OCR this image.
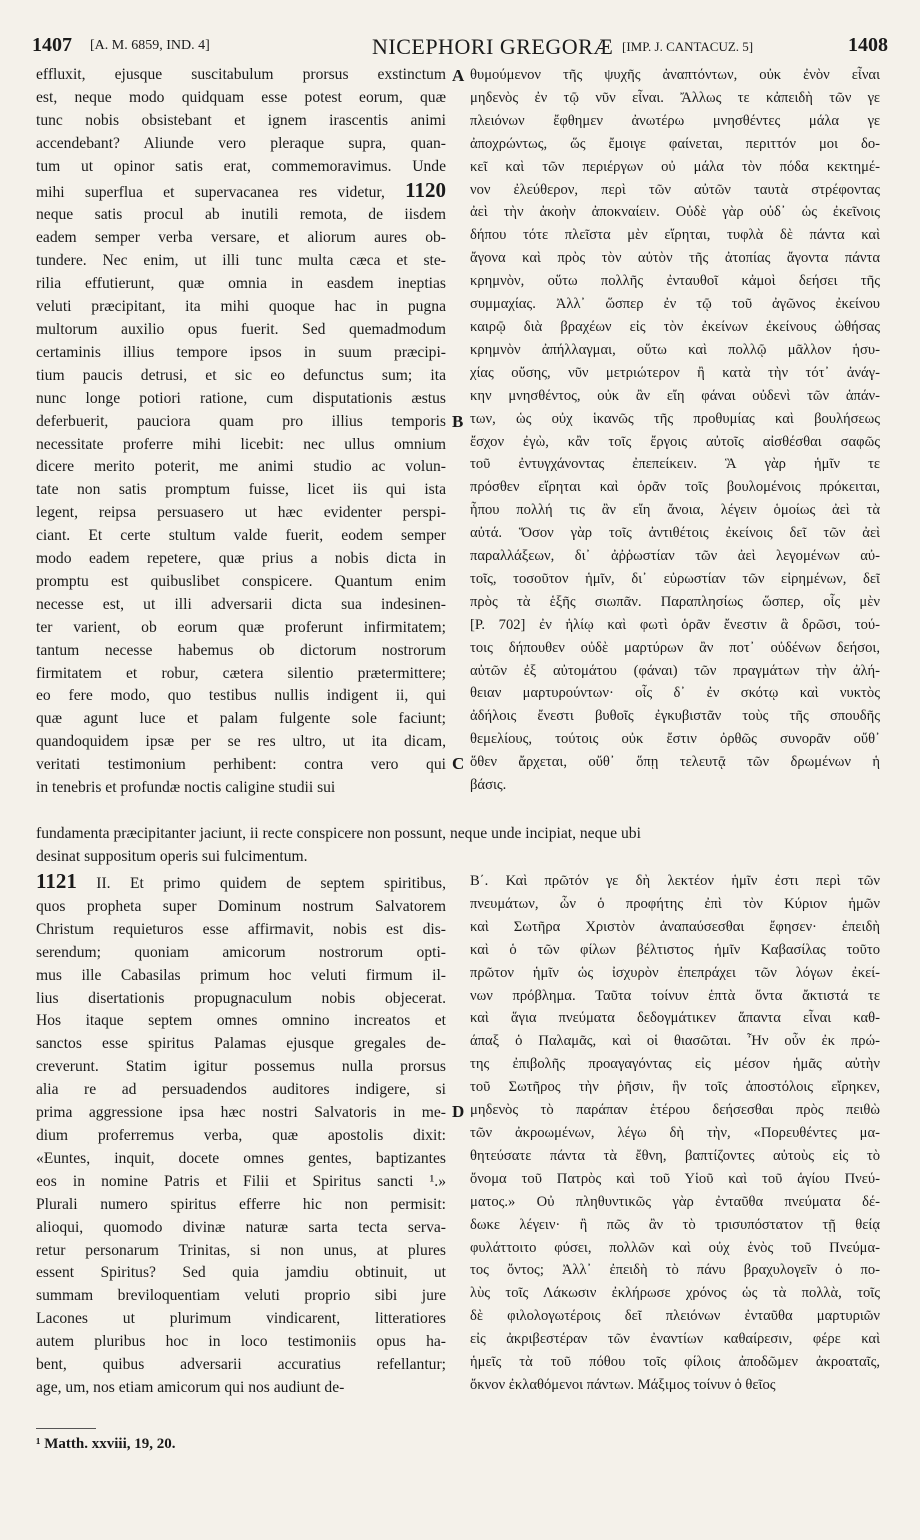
1407 [A. M. 6859, IND. 4]	NICEPHORI GREGORÆ [IMP. J. CANTACUZ. 5]	1408
effluxit, ejusque suscitabulum prorsus exstinctum
est, neque modo quidquam esse potest eorum, quæ
tunc nobis obsistebant et ignem irascentis animi
accendebant? Aliunde vero pleraque supra, quan-
tum ut opinor satis erat, commemoravimus. Unde
mihi superflua et supervacanea res videtur, 1120
neque satis procul ab inutili remota, de iisdem
eadem semper verba versare, et aliorum aures ob-
tundere. Nec enim, ut illi tunc multa cæca et ste-
rilia effutierunt, quæ omnia in easdem ineptias
veluti præcipitant, ita mihi quoque hac in pugna
multorum auxilio opus fuerit. Sed quemadmodum
certaminis illius tempore ipsos in suum præcipi-
tium paucis detrusi, et sic eo defunctus sum; ita
nunc longe potiori ratione, cum disputationis æstus
deferbuerit, pauciora quam pro illius temporis
necessitate proferre mihi licebit: nec ullus omnium
dicere merito poterit, me animi studio ac volun-
tate non satis promptum fuisse, licet iis qui ista
legent, reipsa persuasero ut hæc evidenter perspi-
ciant. Et certe stultum valde fuerit, eodem semper
modo eadem repetere, quæ prius a nobis dicta in
promptu est quibuslibet conspicere. Quantum enim
necesse est, ut illi adversarii dicta sua indesinen-
ter varient, ob eorum quæ proferunt infirmitatem;
tantum necesse habemus ob dictorum nostrorum
firmitatem et robur, cætera silentio prætermittere;
eo fere modo, quo testibus nullis indigent ii, qui
quæ agunt luce et palam fulgente sole faciunt;
quandoquidem ipsæ per se res ultro, ut ita dicam,
veritati testimonium perhibent: contra vero qui
in tenebris et profundæ noctis caligine studii sui
θυμούμενον τῆς ψυχῆς ἀναπτόντων, οὐκ ἐνὸν εἶναι
μηδενὸς ἐν τῷ νῦν εἶναι. Ἄλλως τε κἀπειδὴ τῶν γε
πλειόνων ἔφθημεν ἀνωτέρω μνησθέντες μάλα γε
ἀποχρώντως, ὥς ἔμοιγε φαίνεται, περιττόν μοι δο-
κεῖ καὶ τῶν περιέργων οὐ μάλα τὸν πόδα κεκτημέ-
νον ἐλεύθερον, περὶ τῶν αὐτῶν ταυτὰ στρέφοντας
ἀεὶ τὴν ἀκοὴν ἀποκναίειν. Οὐδὲ γὰρ οὐδ᾽ ὡς ἐκεῖνοις
δήπου τότε πλεῖστα μὲν εἴρηται, τυφλὰ δὲ πάντα καὶ
ἄγονα καὶ πρὸς τὸν αὐτὸν τῆς ἀτοπίας ἄγοντα πάντα
κρημνὸν, οὕτω πολλῆς ἐνταυθοῖ κἀμοὶ δεήσει τῆς
συμμαχίας. Ἀλλ᾽ ὥσπερ ἐν τῷ τοῦ ἀγῶνος ἐκείνου
καιρῷ διὰ βραχέων εἰς τὸν ἐκείνων ἐκείνους ὠθήσας
κρημνὸν ἀπήλλαγμαι, οὕτω καὶ πολλῷ μᾶλλον ἡσυ-
χίας οὔσης, νῦν μετριώτερον ἢ κατὰ τὴν τότ᾽ ἀνάγ-
κην μνησθέντος, οὐκ ἂν εἴη φάναι οὐδενὶ τῶν ἁπάν-
των, ὡς οὐχ ἱκανῶς τῆς προθυμίας καὶ βουλήσεως
ἔσχον ἐγὼ, κἂν τοῖς ἔργοις αὐτοῖς αἰσθέσθαι σαφῶς
τοῦ ἐντυγχάνοντας ἐπεπείκειν. Ἃ γὰρ ἡμῖν τε
πρόσθεν εἴρηται καὶ ὁρᾶν τοῖς βουλομένοις πρόκειται,
ἧπου πολλή τις ἂν εἴη ἄνοια, λέγειν ὁμοίως ἀεὶ τὰ
αὐτά. Ὅσον γὰρ τοῖς ἀντιθέτοις ἐκείνοις δεῖ τῶν ἀεὶ
παραλλάξεων, δι᾽ ἀῤῥωστίαν τῶν ἀεὶ λεγομένων αὐ-
τοῖς, τοσοῦτον ἡμῖν, δι᾽ εὐρωστίαν τῶν εἰρημένων, δεῖ
πρὸς τὰ ἑξῆς σιωπᾶν. Παραπλησίως ὥσπερ, οἷς μὲν
[P. 702] ἐν ἡλίῳ καὶ φωτὶ ὁρᾶν ἔνεστιν ἃ δρῶσι, τού-
τοις δήπουθεν οὐδὲ μαρτύρων ἂν ποτ᾽ οὐδένων δεήσοι,
αὐτῶν ἐξ αὐτομάτου (φάναι) τῶν πραγμάτων τὴν ἀλή-
θειαν μαρτυρούντων· οἷς δ᾽ ἐν σκότῳ καὶ νυκτὸς
ἀδήλοις ἔνεστι βυθοῖς ἐγκυβιστᾶν τοὺς τῆς σπουδῆς
θεμελίους, τούτοις οὐκ ἔστιν ὀρθῶς συνορᾶν οὔθ᾽
ὅθεν ἄρχεται, οὔθ᾽ ὅπῃ τελευτᾷ τῶν δρωμένων ἡ
βάσις.
A
B
C
D
fundamenta præcipitanter jaciunt, ii recte conspicere non possunt, neque unde incipiat, neque ubi
desinat suppositum operis sui fulcimentum.
1121 II. Et primo quidem de septem spiritibus,
quos propheta super Dominum nostrum Salvatorem
Christum requieturos esse affirmavit, nobis est dis-
serendum; quoniam amicorum nostrorum opti-
mus ille Cabasilas primum hoc veluti firmum il-
lius disertationis propugnaculum nobis objecerat.
Hos itaque septem omnes omnino increatos et
sanctos esse spiritus Palamas ejusque gregales de-
creverunt. Statim igitur possemus nulla prorsus
alia re ad persuadendos auditores indigere, si
prima aggressione ipsa hæc nostri Salvatoris in me-
dium proferremus verba, quæ apostolis dixit:
«Euntes, inquit, docete omnes gentes, baptizantes
eos in nomine Patris et Filii et Spiritus sancti ¹.»
Plurali numero spiritus efferre hic non permisit:
alioqui, quomodo divinæ naturæ sarta tecta serva-
retur personarum Trinitas, si non unus, at plures
essent Spiritus? Sed quia jamdiu obtinuit, ut
summam breviloquentiam veluti proprio sibi jure
Lacones ut plurimum vindicarent, litteratiores
autem pluribus hoc in loco testimoniis opus ha-
bent, quibus adversarii accuratius refellantur;
age, um, nos etiam amicorum qui nos audiunt de-
Β΄. Καὶ πρῶτόν γε δὴ λεκτέον ἡμῖν ἐστι περὶ τῶν
πνευμάτων, ὧν ὁ προφήτης ἐπὶ τὸν Κύριον ἡμῶν
καὶ Σωτῆρα Χριστὸν ἀναπαύσεσθαι ἔφησεν· ἐπειδὴ
καὶ ὁ τῶν φίλων βέλτιστος ἡμῖν Καβασίλας τοῦτο
πρῶτον ἡμῖν ὡς ἰσχυρὸν ἐπεπράχει τῶν λόγων ἐκεί-
νων πρόβλημα. Ταῦτα τοίνυν ἑπτὰ ὄντα ἄκτιστά τε
καὶ ἅγια πνεύματα δεδογμάτικεν ἅπαντα εἶναι καθ-
άπαξ ὁ Παλαμᾶς, καὶ οἱ θιασῶται. Ἦν οὖν ἐκ πρώ-
της ἐπιβολῆς προαγαγόντας εἰς μέσον ἡμᾶς αὐτὴν
τοῦ Σωτῆρος τὴν ῥῆσιν, ἣν τοῖς ἀποστόλοις εἴρηκεν,
μηδενὸς τὸ παράπαν ἑτέρου δεήσεσθαι πρὸς πειθὼ
τῶν ἀκροωμένων, λέγω δὴ τὴν, «Πορευθέντες μα-
θητεύσατε πάντα τὰ ἔθνη, βαπτίζοντες αὐτοὺς εἰς τὸ
ὄνομα τοῦ Πατρὸς καὶ τοῦ Υἱοῦ καὶ τοῦ ἁγίου Πνεύ-
ματος.» Οὐ πληθυντικῶς γὰρ ἐνταῦθα πνεύματα δέ-
δωκε λέγειν· ἢ πῶς ἂν τὸ τρισυπόστατον τῇ θείᾳ
φυλάττοιτο φύσει, πολλῶν καὶ οὐχ ἑνὸς τοῦ Πνεύμα-
τος ὄντος; Ἀλλ᾽ ἐπειδὴ τὸ πάνυ βραχυλογεῖν ὁ πο-
λὺς τοῖς Λάκωσιν ἐκλήρωσε χρόνος ὡς τὰ πολλὰ, τοῖς
δὲ φιλολογωτέροις δεῖ πλειόνων ἐνταῦθα μαρτυριῶν
εἰς ἀκριβεστέραν τῶν ἐναντίων καθαίρεσιν, φέρε καὶ
ἡμεῖς τὰ τοῦ πόθου τοῖς φίλοις ἀποδῶμεν ἀκροαταῖς,
ὄκνον ἐκλαθόμενοι πάντων. Μάξιμος τοίνυν ὁ θεῖος
¹ Matth. xxviii, 19, 20.
